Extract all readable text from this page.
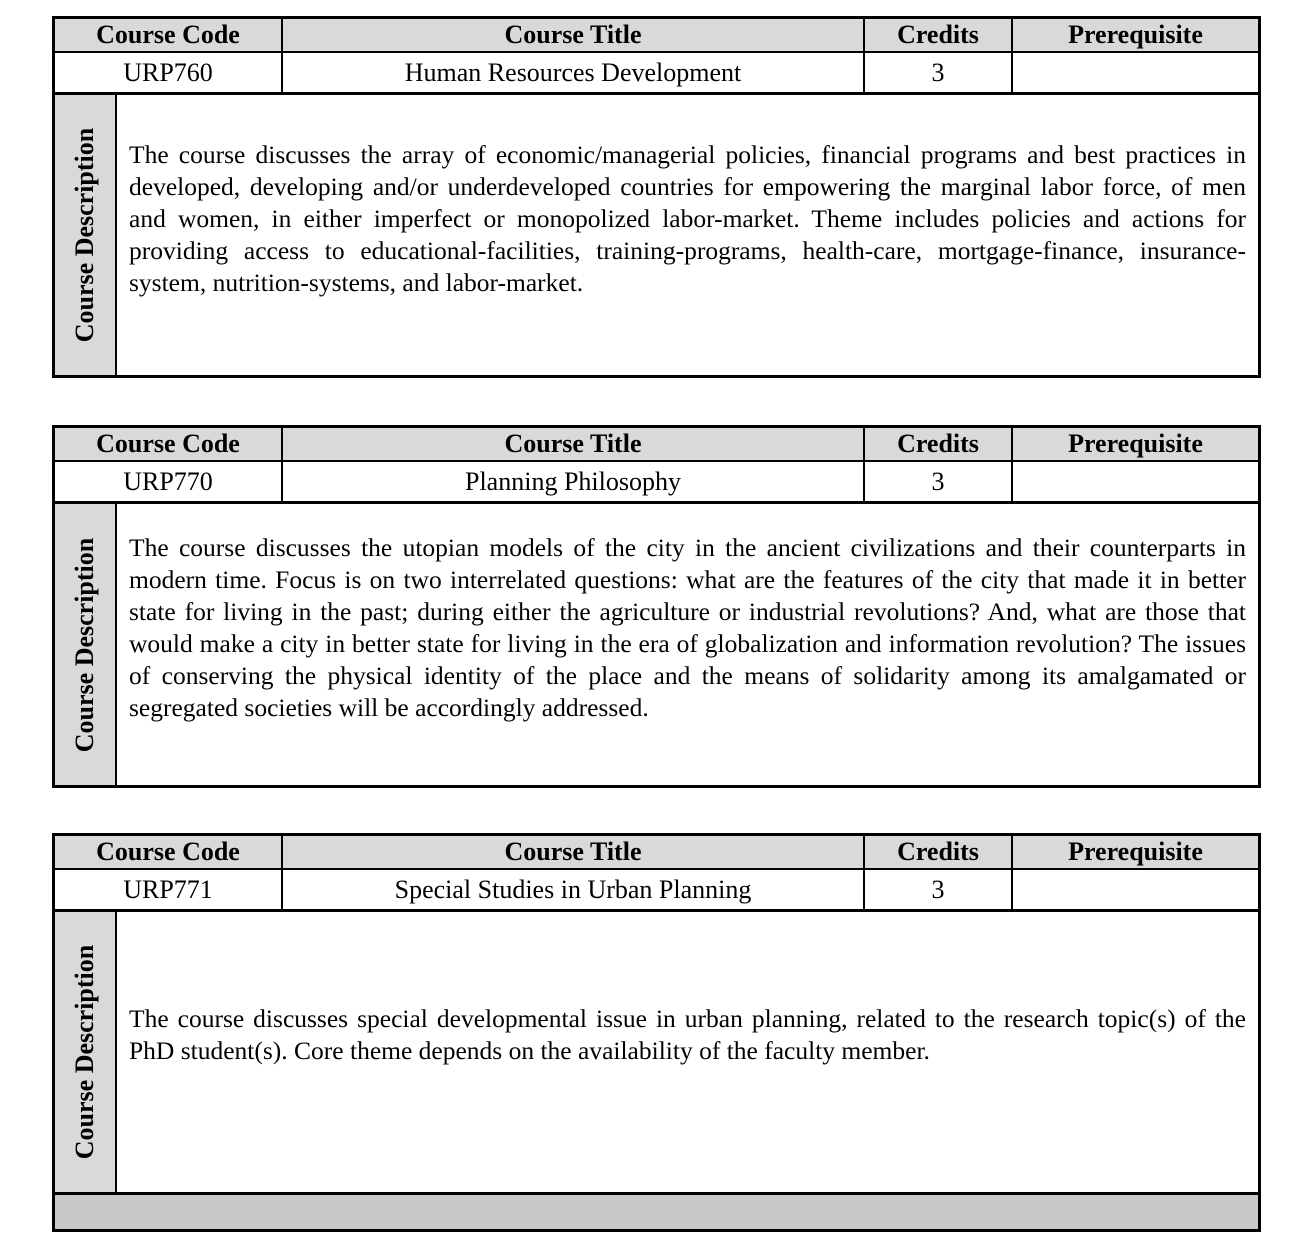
Course Code	Course Title	Credits	Prerequisite
URP760	Human Resources Development	3
Course Description The course discusses the array of economic/managerial policies, financial programs and best practices in developed, developing and/or underdeveloped countries for empowering the marginal labor force, of men and women, in either imperfect or monopolized labor-market. Theme includes policies and actions for providing access to educational-facilities, training-programs, health-care, mortgage-finance, insurance-system, nutrition-systems, and labor-market.

Course Code	Course Title	Credits	Prerequisite
URP770	Planning Philosophy	3
Course Description The course discusses the utopian models of the city in the ancient civilizations and their counterparts in modern time. Focus is on two interrelated questions: what are the features of the city that made it in better state for living in the past; during either the agriculture or industrial revolutions? And, what are those that would make a city in better state for living in the era of globalization and information revolution? The issues of conserving the physical identity of the place and the means of solidarity among its amalgamated or segregated societies will be accordingly addressed.

Course Code	Course Title	Credits	Prerequisite
URP771	Special Studies in Urban Planning	3
Course Description The course discusses special developmental issue in urban planning, related to the research topic(s) of the PhD student(s). Core theme depends on the availability of the faculty member.
